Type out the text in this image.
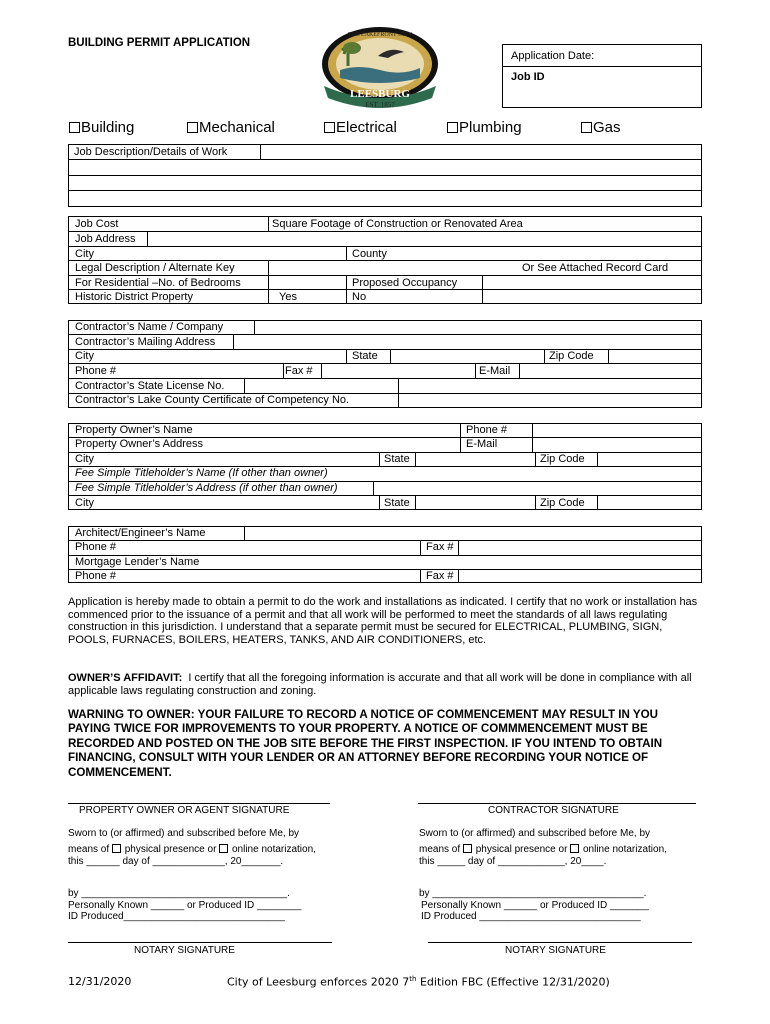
BUILDING PERMIT APPLICATION
LEESBURG
EST. 1857
THE LAKEFRONT CITY
Application Date:
Job ID
Building	Mechanical	Electrical	Plumbing	Gas
Job Description/Details of Work
Job Cost	Square Footage of Construction or Renovated Area
Job Address
City	County
Legal Description / Alternate Key	Or See Attached Record Card
For Residential –No. of Bedrooms	Proposed Occupancy
Historic District Property	Yes	No
Contractor’s Name / Company
Contractor’s Mailing Address
City	State	Zip Code
Phone #	Fax #	E-Mail
Contractor’s State License No.
Contractor’s Lake County Certificate of Competency No.
Property Owner’s Name	Phone #
Property Owner’s Address	E-Mail
City	State	Zip Code
Fee Simple Titleholder’s Name (If other than owner)
Fee Simple Titleholder’s Address (if other than owner)
City	State	Zip Code
Architect/Engineer’s Name
Phone #	Fax #
Mortgage Lender’s Name
Phone #	Fax #
Application is hereby made to obtain a permit to do the work and installations as indicated. I certify that no work or installation has commenced prior to the issuance of a permit and that all work will be performed to meet the standards of all laws regulating construction in this jurisdiction. I understand that a separate permit must be secured for ELECTRICAL, PLUMBING, SIGN, POOLS, FURNACES, BOILERS, HEATERS, TANKS, AND AIR CONDITIONERS, etc.
OWNER’S AFFIDAVIT: I certify that all the foregoing information is accurate and that all work will be done in compliance with all applicable laws regulating construction and zoning.
WARNING TO OWNER: YOUR FAILURE TO RECORD A NOTICE OF COMMENCEMENT MAY RESULT IN YOU PAYING TWICE FOR IMPROVEMENTS TO YOUR PROPERTY. A NOTICE OF COMMMENCEMENT MUST BE RECORDED AND POSTED ON THE JOB SITE BEFORE THE FIRST INSPECTION. IF YOU INTEND TO OBTAIN FINANCING, CONSULT WITH YOUR LENDER OR AN ATTORNEY BEFORE RECORDING YOUR NOTICE OF COMMENCEMENT.
PROPERTY OWNER OR AGENT SIGNATURE	CONTRACTOR SIGNATURE
Sworn to (or affirmed) and subscribed before Me, by	Sworn to (or affirmed) and subscribed before Me, by
means of  physical presence or  online notarization,	means of  physical presence or  online notarization,
this ______ day of _____________, 20_______.	this _____ day of ____________, 20____.
by _____________________________________.	by ______________________________________.
Personally Known ______ or Produced ID ________	Personally Known ______ or Produced ID _______
ID Produced_____________________________	ID Produced _____________________________
NOTARY SIGNATURE	NOTARY SIGNATURE
12/31/2020	City of Leesburg enforces 2020 7th Edition FBC (Effective 12/31/2020)
